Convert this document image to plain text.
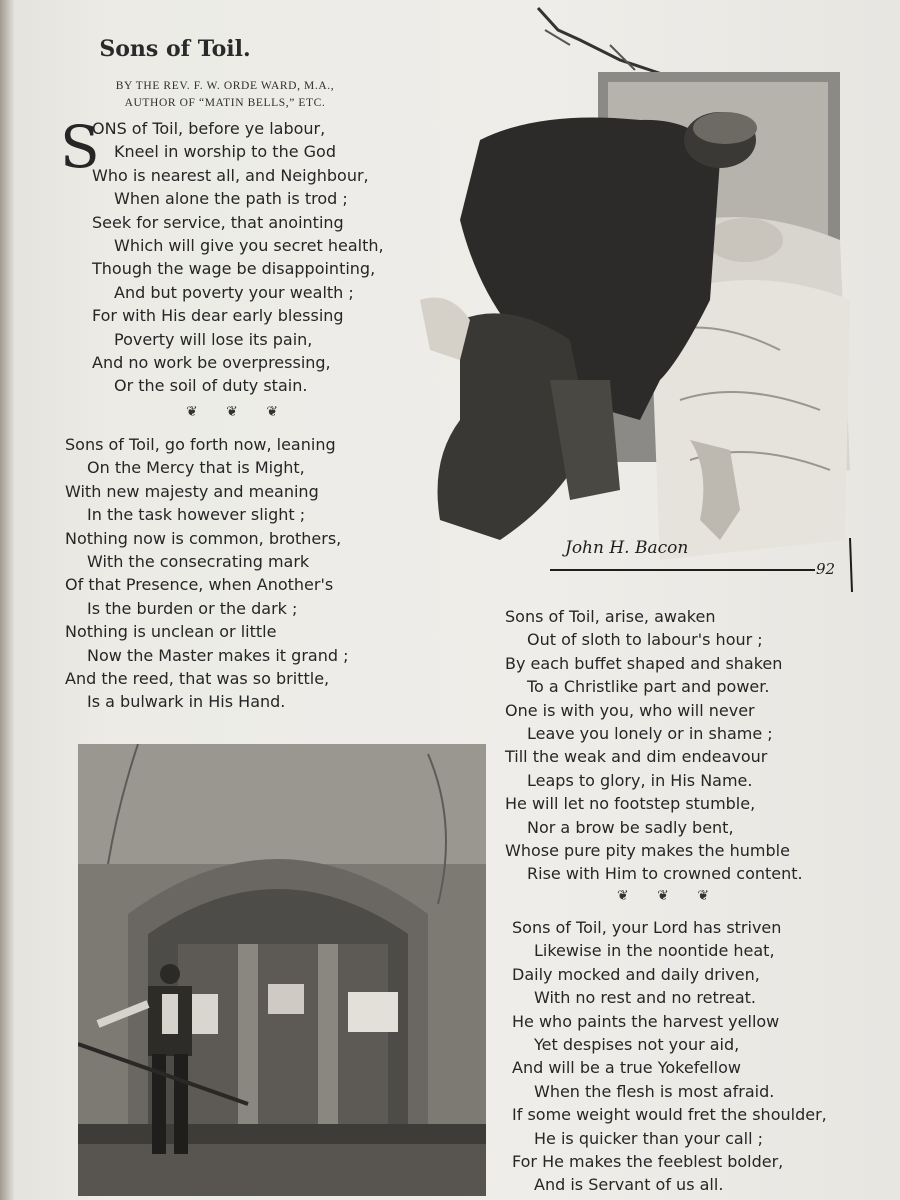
Sons of Toil.
BY THE REV. F. W. ORDE WARD, M.A.,
AUTHOR OF “MATIN BELLS,” ETC.
S
ONS of Toil, before ye labour,
Kneel in worship to the God
Who is nearest all, and Neighbour,
When alone the path is trod ;
Seek for service, that anointing
Which will give you secret health,
Though the wage be disappointing,
And but poverty your wealth ;
For with His dear early blessing
Poverty will lose its pain,
And no work be overpressing,
Or the soil of duty stain.
❦ ❦ ❦
Sons of Toil, go forth now, leaning
On the Mercy that is Might,
With new majesty and meaning
In the task however slight ;
Nothing now is common, brothers,
With the consecrating mark
Of that Presence, when Another's
Is the burden or the dark ;
Nothing is unclean or little
Now the Master makes it grand ;
And the reed, that was so brittle,
Is a bulwark in His Hand.
Sons of Toil, arise, awaken
Out of sloth to labour's hour ;
By each buffet shaped and shaken
To a Christlike part and power.
One is with you, who will never
Leave you lonely or in shame ;
Till the weak and dim endeavour
Leaps to glory, in His Name.
He will let no footstep stumble,
Nor a brow be sadly bent,
Whose pure pity makes the humble
Rise with Him to crowned content.
❦ ❦ ❦
Sons of Toil, your Lord has striven
Likewise in the noontide heat,
Daily mocked and daily driven,
With no rest and no retreat.
He who paints the harvest yellow
Yet despises not your aid,
And will be a true Yokefellow
When the flesh is most afraid.
If some weight would fret the shoulder,
He is quicker than your call ;
For He makes the feeblest bolder,
And is Servant of us all.
John H. Bacon
92
